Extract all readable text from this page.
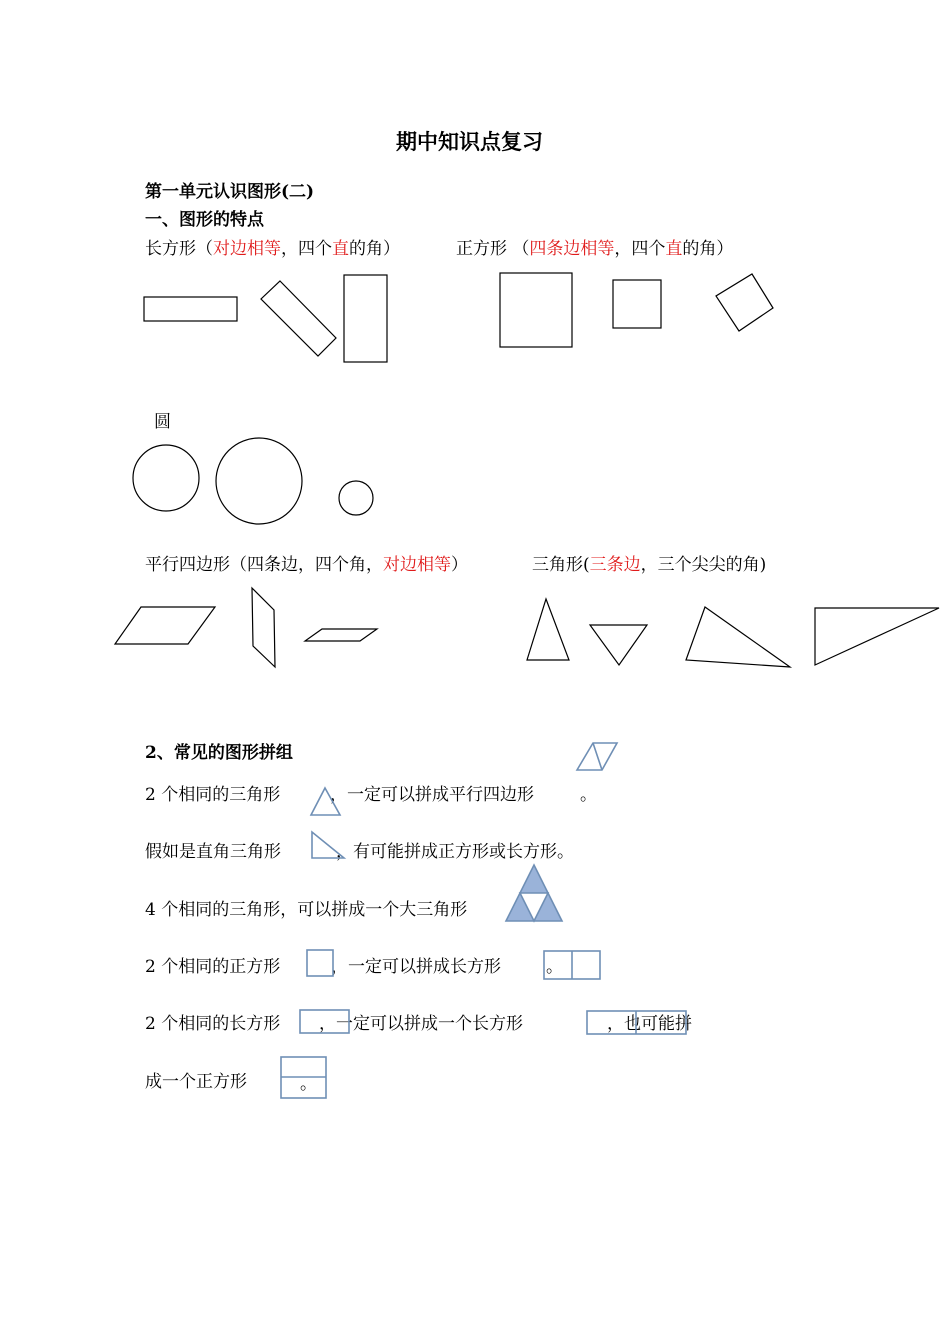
期中知识点复习
第一单元认识图形(二)
一、图形的特点
长方形（对边相等，四个直的角）	正方形 （四条边相等，四个直的角）
圆
平行四边形（四条边，四个角，对边相等）	三角形(三条边，三个尖尖的角)
2、常见的图形拼组
2 个相同的三角形	，一定可以拼成平行四边形	。
假如是直角三角形	，有可能拼成正方形或长方形。
4 个相同的三角形，可以拼成一个大三角形
2 个相同的正方形	，一定可以拼成长方形	。
2 个相同的长方形 ，一定可以拼成一个长方形	，也可能拼
成一个正方形	。
